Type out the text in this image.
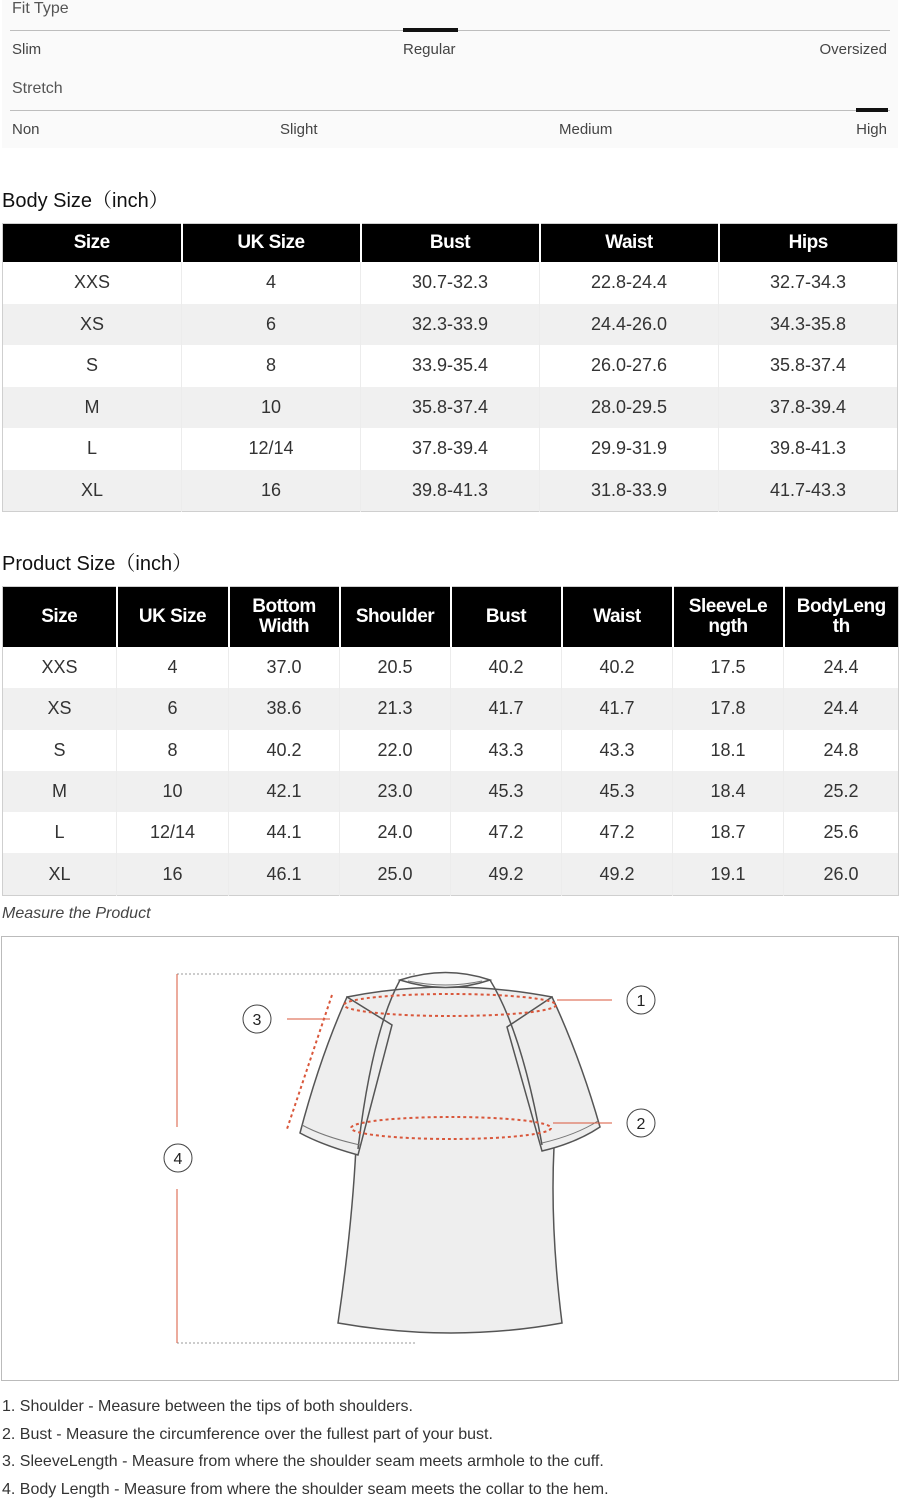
Fit Type
Slim	Regular	Oversized
Stretch
Non	Slight	Medium	High
Body Size（inch）
Size	UK Size	Bust	Waist	Hips
XXS	4	30.7-32.3	22.8-24.4	32.7-34.3
XS	6	32.3-33.9	24.4-26.0	34.3-35.8
S	8	33.9-35.4	26.0-27.6	35.8-37.4
M	10	35.8-37.4	28.0-29.5	37.8-39.4
L	12/14	37.8-39.4	29.9-31.9	39.8-41.3
XL	16	39.8-41.3	31.8-33.9	41.7-43.3
Product Size（inch）
Size	UK Size	Bottom Width	Shoulder	Bust	Waist	SleeveLength	BodyLength
XXS	4	37.0	20.5	40.2	40.2	17.5	24.4
XS	6	38.6	21.3	41.7	41.7	17.8	24.4
S	8	40.2	22.0	43.3	43.3	18.1	24.8
M	10	42.1	23.0	45.3	45.3	18.4	25.2
L	12/14	44.1	24.0	47.2	47.2	18.7	25.6
XL	16	46.1	25.0	49.2	49.2	19.1	26.0
Measure the Product
1
2
3
4
1. Shoulder - Measure between the tips of both shoulders.
2. Bust - Measure the circumference over the fullest part of your bust.
3. SleeveLength - Measure from where the shoulder seam meets armhole to the cuff.
4. Body Length - Measure from where the shoulder seam meets the collar to the hem.
